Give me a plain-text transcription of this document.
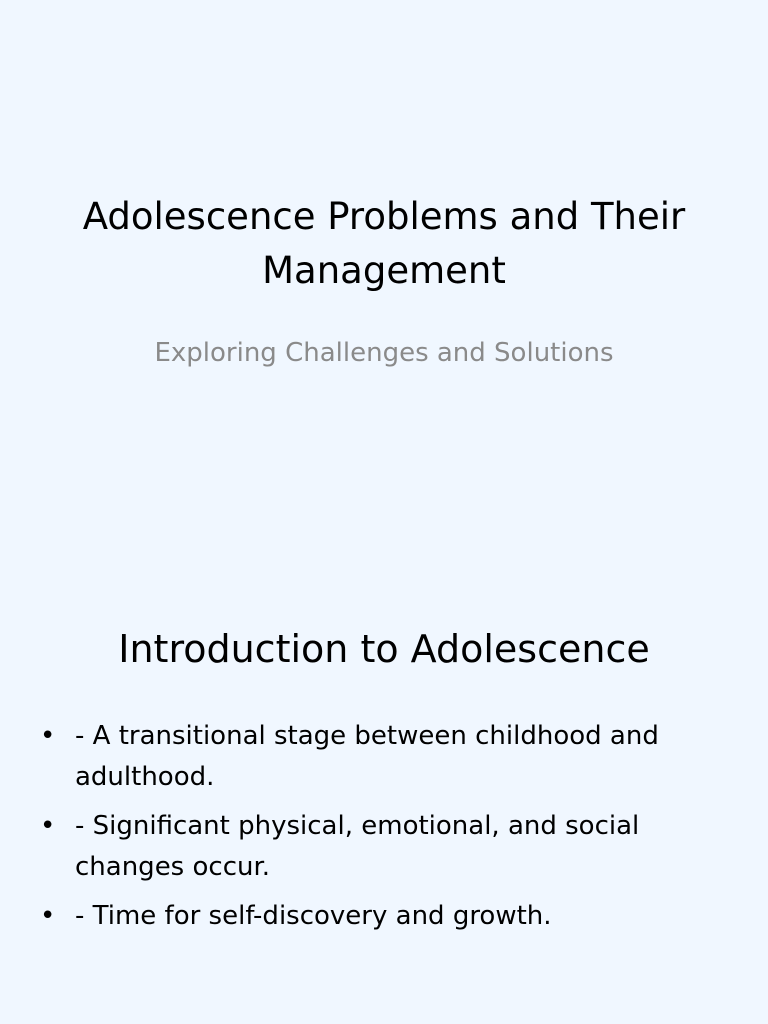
Adolescence Problems and Their Management

Exploring Challenges and Solutions

Introduction to Adolescence
• - A transitional stage between childhood and adulthood.
• - Significant physical, emotional, and social changes occur.
• - Time for self-discovery and growth.
